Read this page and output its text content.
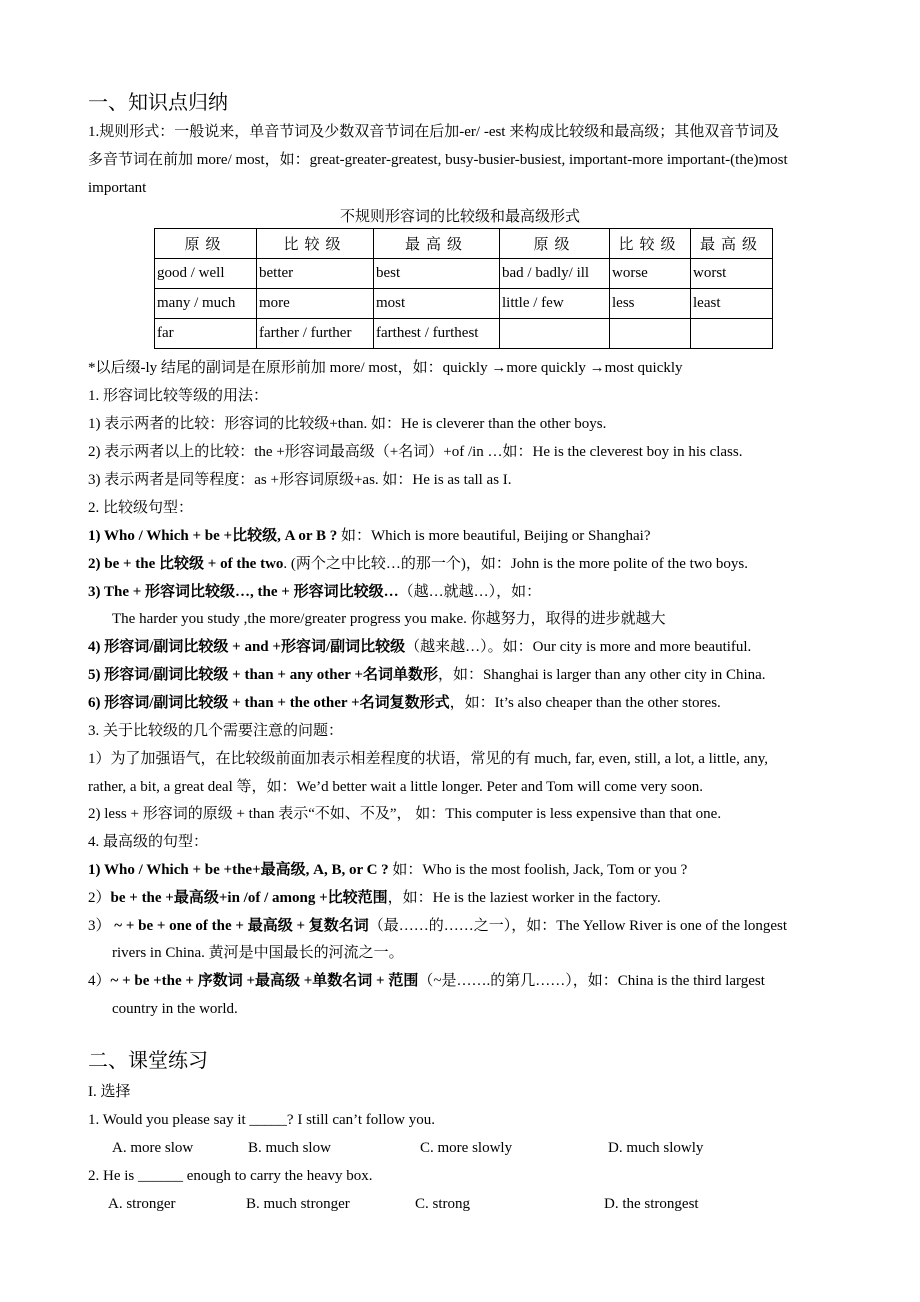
一、知识点归纳
1.规则形式：一般说来，单音节词及少数双音节词在后加-er/ -est 来构成比较级和最高级；其他双音节词及
多音节词在前加 more/ most，如：great-greater-greatest, busy-busier-busiest, important-more important-(the)most
important
不规则形容词的比较级和最高级形式
原级	比较级	最高级	原级	比较级	最高级
good / well	better	best	bad / badly/ ill	worse	worst
many / much	more	most	little / few	less	least
far	farther / further	farthest / furthest			
*以后缀-ly 结尾的副词是在原形前加 more/ most，如：quickly →more quickly →most quickly
1. 形容词比较等级的用法：
1) 表示两者的比较：形容词的比较级+than. 如：He is cleverer than the other boys.
2) 表示两者以上的比较：the +形容词最高级（+名词）+of /in …如：He is the cleverest boy in his class.
3) 表示两者是同等程度：as +形容词原级+as. 如：He is as tall as I.
2. 比较级句型：
1) Who / Which + be +比较级, A or B ? 如：Which is more beautiful, Beijing or Shanghai?
2) be + the 比较级 + of the two. (两个之中比较…的那一个)，如：John is the more polite of the two boys.
3) The + 形容词比较级…, the + 形容词比较级…（越…就越…），如：
The harder you study ,the more/greater progress you make. 你越努力，取得的进步就越大
4) 形容词/副词比较级 + and +形容词/副词比较级（越来越…）。如：Our city is more and more beautiful.
5) 形容词/副词比较级 + than + any other +名词单数形，如：Shanghai is larger than any other city in China.
6) 形容词/副词比较级 + than + the other +名词复数形式，如：It’s also cheaper than the other stores.
3. 关于比较级的几个需要注意的问题：
1）为了加强语气，在比较级前面加表示相差程度的状语，常见的有 much, far, even, still, a lot, a little, any,
rather, a bit, a great deal 等，如：We’d better wait a little longer. Peter and Tom will come very soon.
2) less + 形容词的原级 + than 表示“不如、不及”， 如：This computer is less expensive than that one.
4. 最高级的句型：
1) Who / Which + be +the+最高级, A, B, or C ? 如：Who is the most foolish, Jack, Tom or you ?
2）be + the +最高级+in /of / among +比较范围，如：He is the laziest worker in the factory.
3） ~ + be + one of the + 最高级 + 复数名词（最……的……之一），如：The Yellow River is one of the longest
rivers in China. 黄河是中国最长的河流之一。
4）~ + be +the + 序数词 +最高级 +单数名词 + 范围（~是…….的第几……），如：China is the third largest
country in the world.
二、课堂练习
I. 选择
1. Would you please say it _____? I still can’t follow you.
A. more slow	B. much slow	C. more slowly	D. much slowly
2. He is ______ enough to carry the heavy box.
A. stronger	B. much stronger	C. strong	D. the strongest
